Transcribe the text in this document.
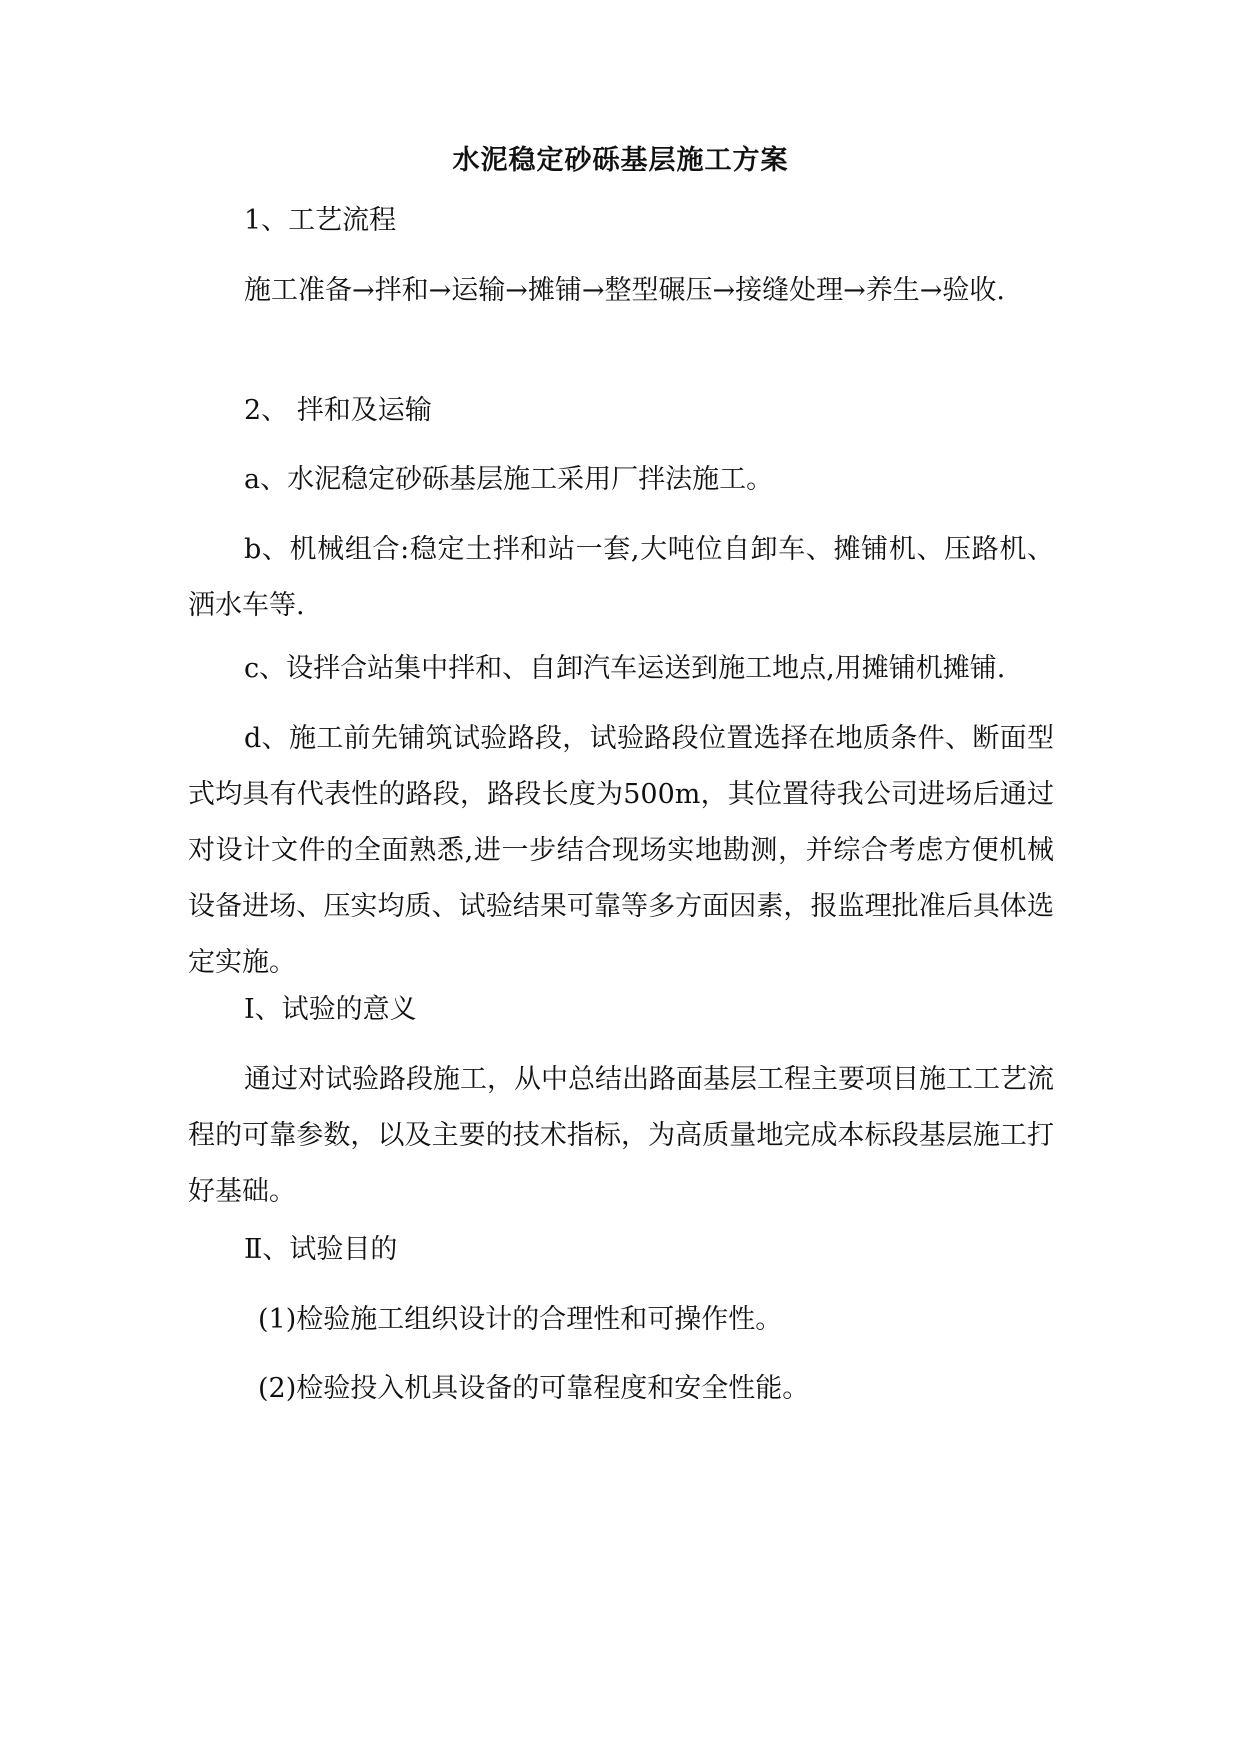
水泥稳定砂砾基层施工方案

1、工艺流程

施工准备→拌和→运输→摊铺→整型碾压→接缝处理→养生→验收.

2、 拌和及运输

a、水泥稳定砂砾基层施工采用厂拌法施工。

b、机械组合:稳定土拌和站一套,大吨位自卸车、摊铺机、压路机、洒水车等.

c、设拌合站集中拌和、自卸汽车运送到施工地点,用摊铺机摊铺.

d、施工前先铺筑试验路段，试验路段位置选择在地质条件、断面型式均具有代表性的路段，路段长度为500m，其位置待我公司进场后通过对设计文件的全面熟悉,进一步结合现场实地勘测，并综合考虑方便机械设备进场、压实均质、试验结果可靠等多方面因素，报监理批准后具体选定实施。

I、试验的意义

通过对试验路段施工，从中总结出路面基层工程主要项目施工工艺流程的可靠参数，以及主要的技术指标，为高质量地完成本标段基层施工打好基础。

Ⅱ、试验目的

(1)检验施工组织设计的合理性和可操作性。

(2)检验投入机具设备的可靠程度和安全性能。
